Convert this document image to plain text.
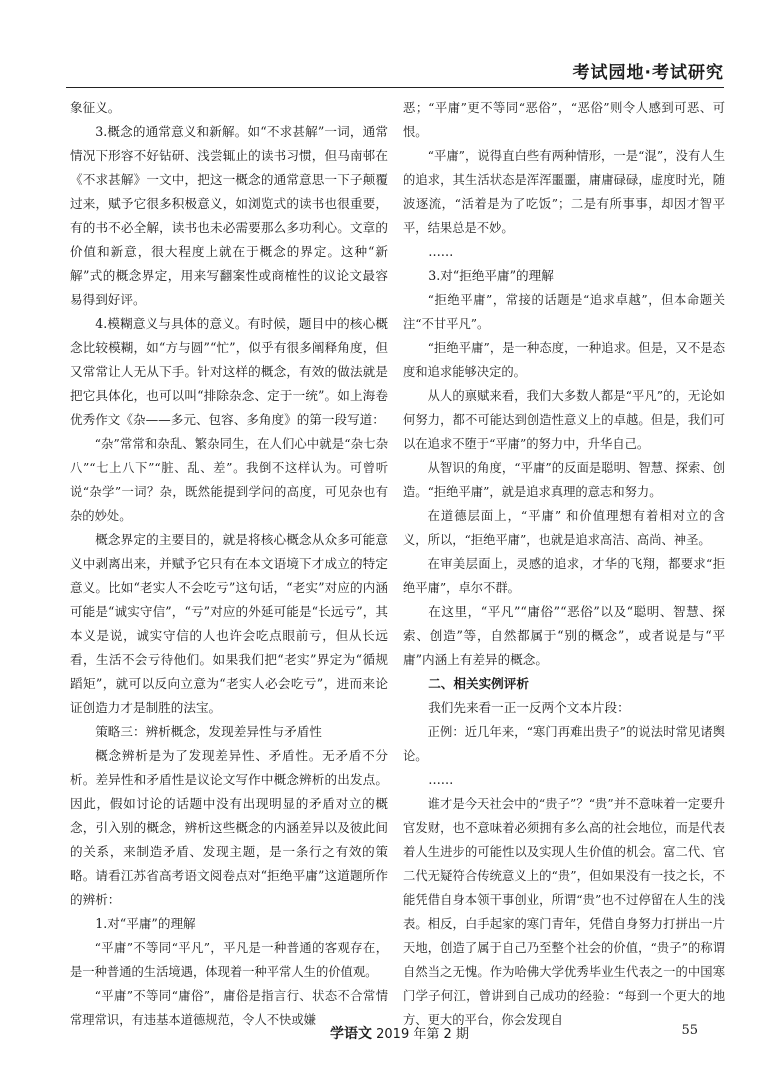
考试园地·考试研究

象征义。

3.概念的通常意义和新解。如“不求甚解”一词，通常情况下形容不好钻研、浅尝辄止的读书习惯，但马南邨在《不求甚解》一文中，把这一概念的通常意思一下子颠覆过来，赋予它很多积极意义，如浏览式的读书也很重要，有的书不必全解，读书也未必需要那么多功利心。文章的价值和新意，很大程度上就在于概念的界定。这种“新解”式的概念界定，用来写翻案性或商榷性的议论文最容易得到好评。

4.模糊意义与具体的意义。有时候，题目中的核心概念比较模糊，如“方与圆”“忙”，似乎有很多阐释角度，但又常常让人无从下手。针对这样的概念，有效的做法就是把它具体化，也可以叫“排除杂念、定于一统”。如上海卷优秀作文《杂——多元、包容、多角度》的第一段写道：

“杂”常常和杂乱、繁杂同生，在人们心中就是“杂七杂八”“七上八下”“脏、乱、差”。我倒不这样认为。可曾听说“杂学”一词？杂，既然能提到学问的高度，可见杂也有杂的妙处。

概念界定的主要目的，就是将核心概念从众多可能意义中剥离出来，并赋予它只有在本文语境下才成立的特定意义。比如“老实人不会吃亏”这句话，“老实”对应的内涵可能是“诚实守信”，“亏”对应的外延可能是“长远亏”，其本义是说，诚实守信的人也许会吃点眼前亏，但从长远看，生活不会亏待他们。如果我们把“老实”界定为“循规蹈矩”，就可以反向立意为“老实人必会吃亏”，进而来论证创造力才是制胜的法宝。

策略三：辨析概念，发现差异性与矛盾性

概念辨析是为了发现差异性、矛盾性。无矛盾不分析。差异性和矛盾性是议论文写作中概念辨析的出发点。因此，假如讨论的话题中没有出现明显的矛盾对立的概念，引入别的概念，辨析这些概念的内涵差异以及彼此间的关系，来制造矛盾、发现主题，是一条行之有效的策略。请看江苏省高考语文阅卷点对“拒绝平庸”这道题所作的辨析：

1.对“平庸”的理解

“平庸”不等同“平凡”，平凡是一种普通的客观存在，是一种普通的生活境遇，体现着一种平常人生的价值观。

“平庸”不等同“庸俗”，庸俗是指言行、状态不合常情常理常识，有违基本道德规范，令人不快或嫌

恶；“平庸”更不等同“恶俗”，“恶俗”则令人感到可恶、可恨。

“平庸”，说得直白些有两种情形，一是“混”，没有人生的追求，其生活状态是浑浑噩噩，庸庸碌碌，虚度时光，随波逐流，“活着是为了吃饭”；二是有所事事，却因才智平平，结果总是不妙。

……

3.对“拒绝平庸”的理解

“拒绝平庸”，常接的话题是“追求卓越”，但本命题关注“不甘平凡”。

“拒绝平庸”，是一种态度，一种追求。但是，又不是态度和追求能够决定的。

从人的禀赋来看，我们大多数人都是“平凡”的，无论如何努力，都不可能达到创造性意义上的卓越。但是，我们可以在追求不堕于“平庸”的努力中，升华自己。

从智识的角度，“平庸”的反面是聪明、智慧、探索、创造。“拒绝平庸”，就是追求真理的意志和努力。

在道德层面上，“平庸” 和价值理想有着相对立的含义，所以，“拒绝平庸”，也就是追求高洁、高尚、神圣。

在审美层面上，灵感的追求，才华的飞翔，都要求“拒绝平庸”，卓尔不群。

在这里，“平凡”“庸俗”“恶俗”以及“聪明、智慧、探索、创造”等，自然都属于“别的概念”，或者说是与“平庸”内涵上有差异的概念。

二、相关实例评析

我们先来看一正一反两个文本片段：

正例：近几年来，“寒门再难出贵子”的说法时常见诸舆论。

……

谁才是今天社会中的“贵子”？“贵”并不意味着一定要升官发财，也不意味着必须拥有多么高的社会地位，而是代表着人生进步的可能性以及实现人生价值的机会。富二代、官二代无疑符合传统意义上的“贵”，但如果没有一技之长，不能凭借自身本领干事创业，所谓“贵”也不过停留在人生的浅表。相反，白手起家的寒门青年，凭借自身努力打拼出一片天地，创造了属于自己乃至整个社会的价值，“贵子”的称谓自然当之无愧。作为哈佛大学优秀毕业生代表之一的中国寒门学子何江，曾讲到自己成功的经验：“每到一个更大的地方、更大的平台，你会发现自

学语文 2019 年第 2 期	55
